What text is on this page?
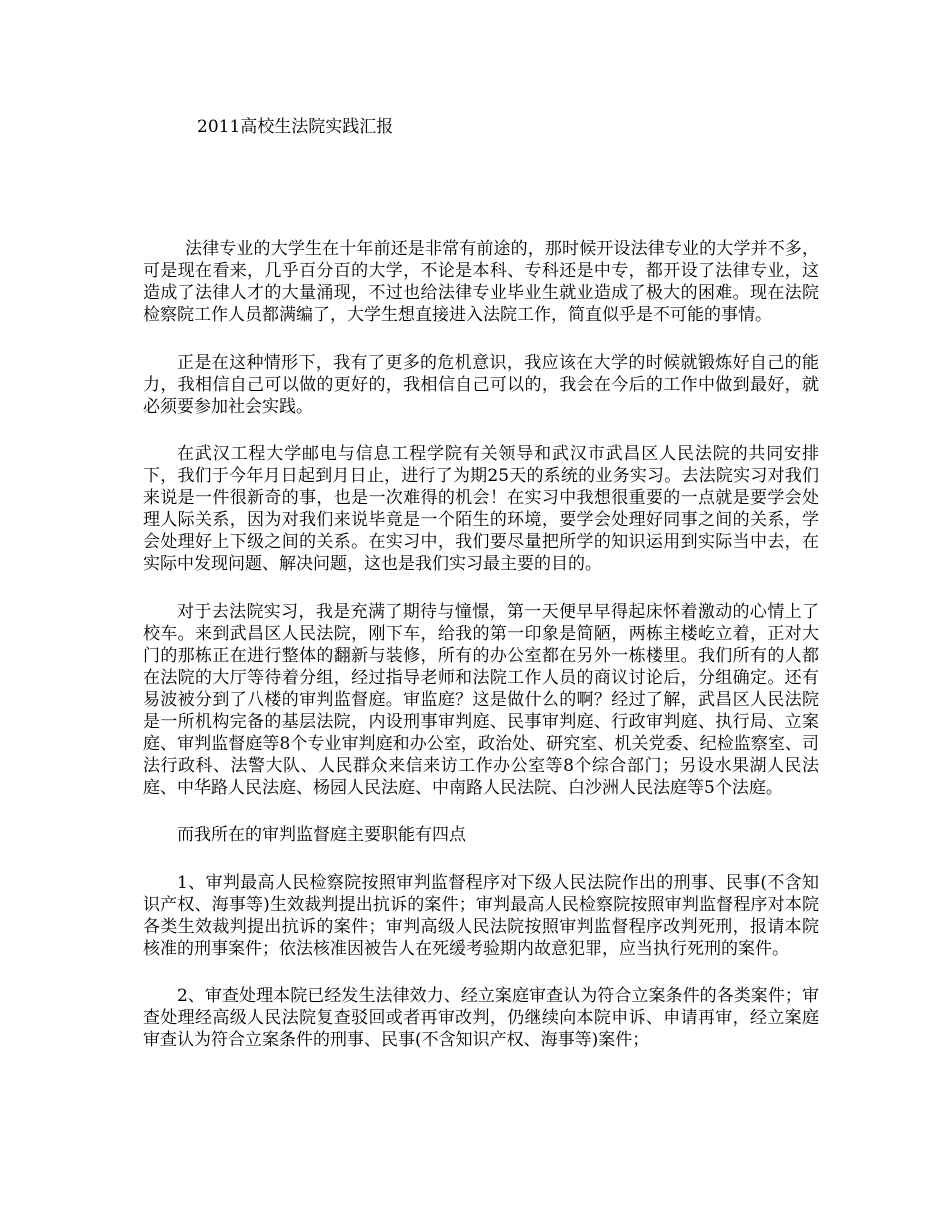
2011高校生法院实践汇报

法律专业的大学生在十年前还是非常有前途的，那时候开设法律专业的大学并不多，可是现在看来，几乎百分百的大学，不论是本科、专科还是中专，都开设了法律专业，这造成了法律人才的大量涌现，不过也给法律专业毕业生就业造成了极大的困难。现在法院检察院工作人员都满编了，大学生想直接进入法院工作，简直似乎是不可能的事情。

正是在这种情形下，我有了更多的危机意识，我应该在大学的时候就锻炼好自己的能力，我相信自己可以做的更好的，我相信自己可以的，我会在今后的工作中做到最好，就必须要参加社会实践。

在武汉工程大学邮电与信息工程学院有关领导和武汉市武昌区人民法院的共同安排下，我们于今年月日起到月日止，进行了为期25天的系统的业务实习。去法院实习对我们来说是一件很新奇的事，也是一次难得的机会！在实习中我想很重要的一点就是要学会处理人际关系，因为对我们来说毕竟是一个陌生的环境，要学会处理好同事之间的关系，学会处理好上下级之间的关系。在实习中，我们要尽量把所学的知识运用到实际当中去，在实际中发现问题、解决问题，这也是我们实习最主要的目的。

对于去法院实习，我是充满了期待与憧憬，第一天便早早得起床怀着激动的心情上了校车。来到武昌区人民法院，刚下车，给我的第一印象是简陋，两栋主楼屹立着，正对大门的那栋正在进行整体的翻新与装修，所有的办公室都在另外一栋楼里。我们所有的人都在法院的大厅等待着分组，经过指导老师和法院工作人员的商议讨论后，分组确定。还有易波被分到了八楼的审判监督庭。审监庭？这是做什么的啊？经过了解，武昌区人民法院是一所机构完备的基层法院，内设刑事审判庭、民事审判庭、行政审判庭、执行局、立案庭、审判监督庭等8个专业审判庭和办公室，政治处、研究室、机关党委、纪检监察室、司法行政科、法警大队、人民群众来信来访工作办公室等8个综合部门；另设水果湖人民法庭、中华路人民法庭、杨园人民法庭、中南路人民法院、白沙洲人民法庭等5个法庭。

而我所在的审判监督庭主要职能有四点

1、审判最高人民检察院按照审判监督程序对下级人民法院作出的刑事、民事(不含知识产权、海事等)生效裁判提出抗诉的案件；审判最高人民检察院按照审判监督程序对本院各类生效裁判提出抗诉的案件；审判高级人民法院按照审判监督程序改判死刑，报请本院核准的刑事案件；依法核准因被告人在死缓考验期内故意犯罪，应当执行死刑的案件。

2、审查处理本院已经发生法律效力、经立案庭审查认为符合立案条件的各类案件；审查处理经高级人民法院复查驳回或者再审改判，仍继续向本院申诉、申请再审，经立案庭审查认为符合立案条件的刑事、民事(不含知识产权、海事等)案件；
